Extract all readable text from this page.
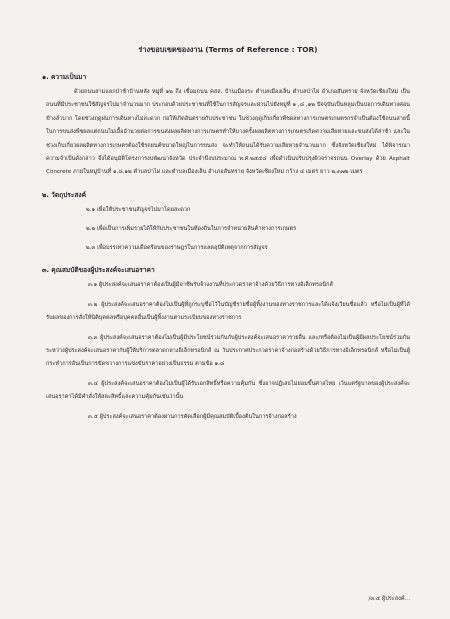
ร่างขอบเขตของงาน (Terms of Reference : TOR)
๑. ความเป็นมา

ด้วยถนนสามแยกป่าช้าบ้านหลัง หมู่ที่ ๑๒ ถึง เชื่อมถนน คสล. บ้านเมืองระ ตำบลเมืองเล็น ตำบลป่าไผ่ อำเภอสันทราย จังหวัดเชียงใหม่ เป็นถนนที่มีประชาชนใช้สัญจรไปมาจำนวนมาก ประกอบด้วยประชาชนที่ใช้ในการสัญจรและผ่านไปยังหมู่ที่ ๑ ,๘ ,๑๒ ปัจจุบันเป็นหลุมเป็นบ่อการเดินทางค่อนข้างลำบาก โดยช่วงฤดูฝนการเดินทางไม่สะดวก ก่อให้เกิดอันตรายกับประชาชน ในช่วงฤดูเก็บเกี่ยวพืชผลทางการเกษตรเกษตรกรจำเป็นต้องใช้ถนนสายนี้ในการขนส่งพืชผลแต่ถนนไม่เอื้ออำนวยต่อการขนส่งผลผลิตทางการเกษตรทำให้บางครั้งผลผลิตทางการเกษตรเกิดความเสียหายและขนส่งได้ล่าช้า และในช่วงเก็บเกี่ยวผลผลิตทางการเกษตรต้องใช้รถยนต์ขนาดใหญ่ในการขนส่ง จะทำให้ถนนได้รับความเสียหายจำนวนมาก ซึ่งจังหวัดเชียงใหม่ ได้พิจารณาความจำเป็นดังกล่าว จึงได้อนุมัติโครงการงบพัฒนาจังหวัด ประจำปีงบประมาณ พ.ศ.๒๕๕๘ เพื่อดำเนินปรับปรุงผิวจราจรถนน Overlay ด้วย Asphalt Concrete ภายในหมู่บ้านที่ ๑,๘,๑๒ ตำบลป่าไผ่ และตำบลเมืองเล็น อำเภอสันทราย จังหวัดเชียงใหม่ กว้าง ๔ เมตร ยาว ๒,๓๗๒ เมตร

๒. วัตถุประสงค์

๒.๑ เพื่อให้ประชาชนสัญจรไปมาโดยสะดวก

๒.๒ เพื่อเป็นการเพิ่มรายได้ให้กับประชาชนในท้องถิ่นในการจำหน่ายสินค้าทางการเกษตร

๒.๓ เพื่อบรรเทาความเดือดร้อนของราษฎรในการแลดอุปัติเหตุจากการสัญจร

๓. คุณสมบัติของผู้ประสงค์จะเสนอราคา

๓.๑ ผู้ประสงค์จะเสนอราคาต้องเป็นผู้มีอาชีพรับจ้างงานที่ประกวดราคาจ้างด้วยวิธีการทางอิเล็กทรอนิกส์

๓.๒ ผู้ประสงค์จะเสนอราคาต้องไม่เป็นผู้ที่ถูกระบุชื่อไว้ในบัญชีรายชื่อผู้ทิ้งงานของทางราชการและได้แจ้งเวียนชื่อแล้ว หรือไม่เป็นผู้ที่ได้รับผลของการสั่งให้นิติบุคคลหรือบุคคลอื่นเป็นผู้ทิ้งงานตามระเบียบของทางราชการ

๓.๓ ผู้ประสงค์จะเสนอราคาต้องไม่เป็นผู้มีประโยชน์ร่วมกันกับผู้ประสงค์จะเสนอราคารายอื่น และ/หรือต้องไม่เป็นผู้มีผลประโยชน์ร่วมกันระหว่างผู้ประสงค์จะเสนอราคากับผู้ให้บริการตลาดกลางอิเล็กทรอนิกส์ ณ วันประกาศประกวดราคาจ้างก่อสร้างด้วยวิธีการทางอิเล็กทรอนิกส์ หรือไม่เป็นผู้กระทำการอันเป็นการขัดขวางการแข่งขันราคาอย่างเป็นธรรม ตามข้อ ๑.๘

๓.๔ ผู้ประสงค์จะเสนอราคาต้องไม่เป็นผู้ได้รับเอกสิทธิ์หรือความคุ้มกัน ซึ่งอาจปฏิเสธไม่ยอมขึ้นศาลไทย เว้นแต่รัฐบาลของผู้ประสงค์จะเสนอราคาได้มีคำสั่งให้สละสิทธิ์และความคุ้มกันเช่นว่านั้น

๓.๕ ผู้ประสงค์จะเสนอราคาต้องผ่านการคัดเลือกผู้มีคุณสมบัติเบื้องต้นในการจ้างก่อสร้าง

/๓.๕ ผู้ประสงค์...
